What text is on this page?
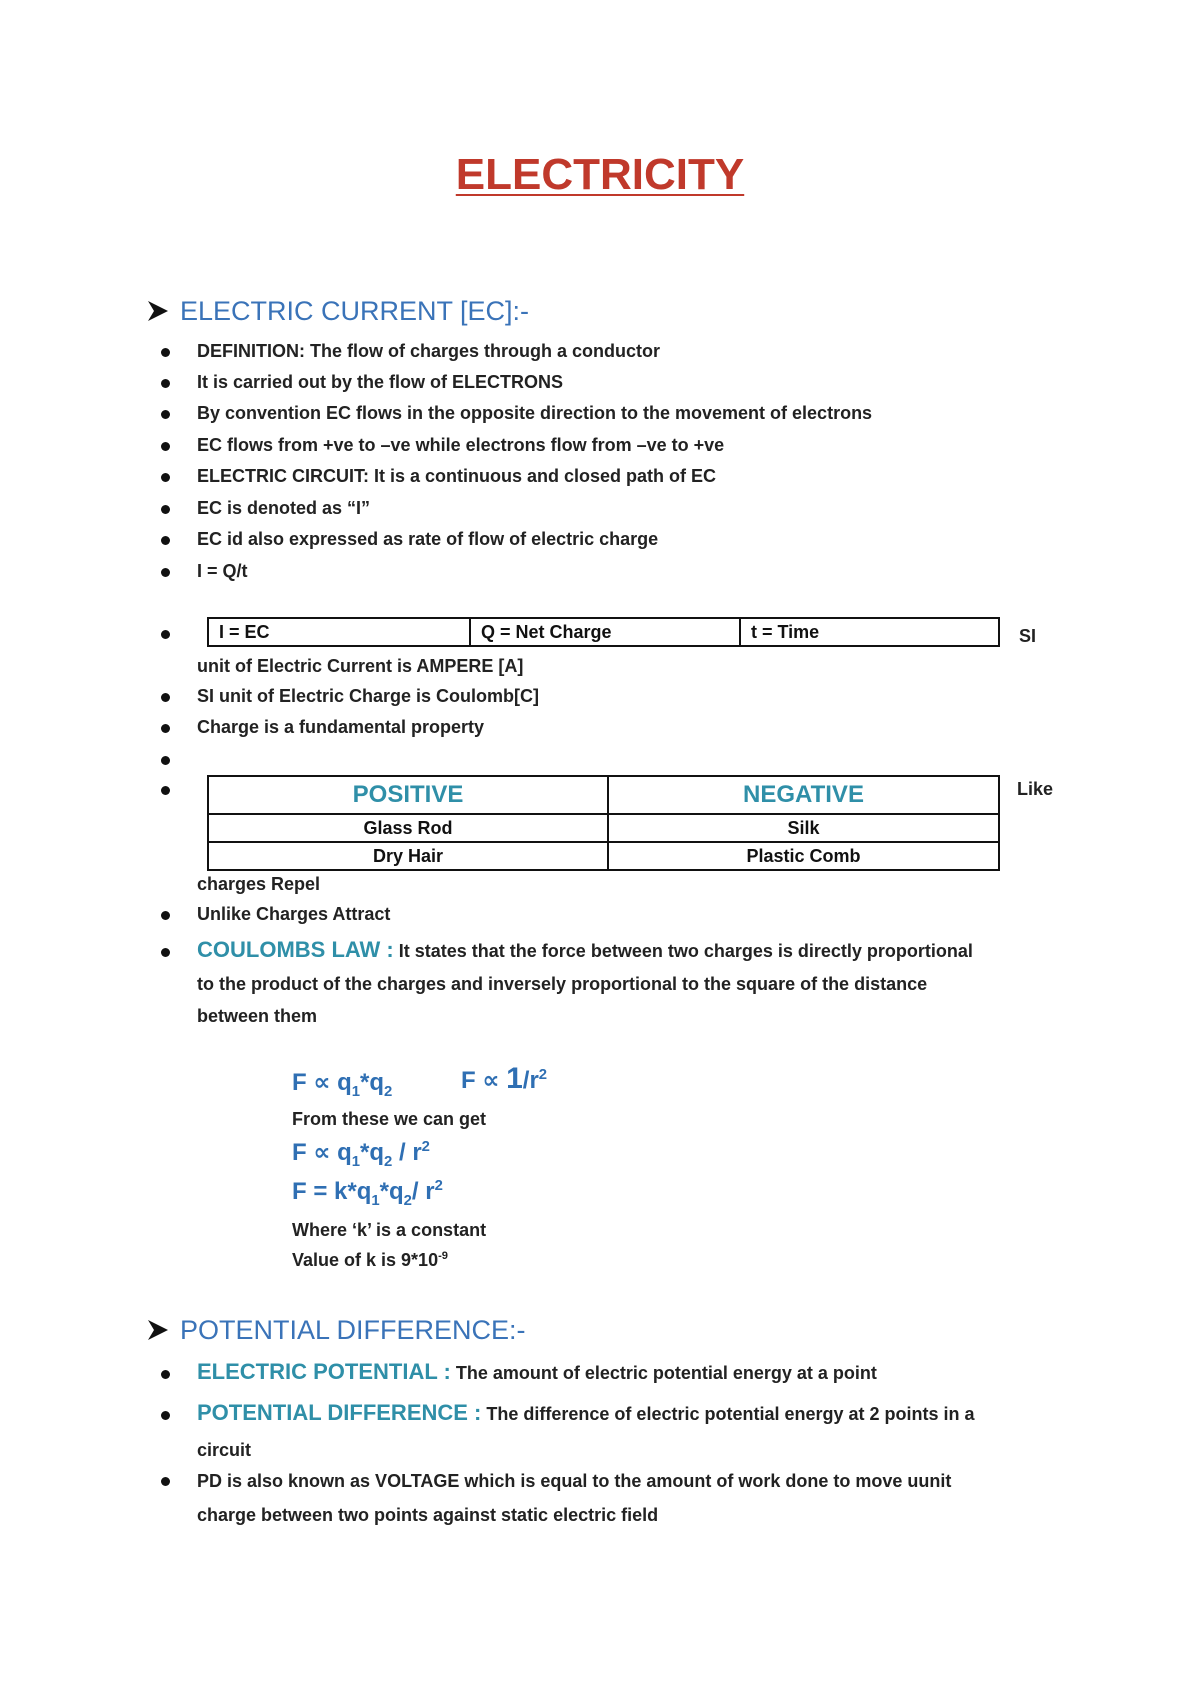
ELECTRICITY
ELECTRIC CURRENT [EC]:-
DEFINITION: The flow of charges through a conductor
It is carried out by the flow of ELECTRONS
By convention EC flows in the opposite direction to the movement of electrons
EC flows from +ve to –ve while electrons flow from –ve to +ve
ELECTRIC CIRCUIT: It is a continuous and closed path of EC
EC is denoted as “I”
EC id also expressed as rate of flow of electric charge
I = Q/t
I = EC	Q = Net Charge	t = Time	SI
unit of Electric Current is AMPERE [A]
SI unit of Electric Charge is Coulomb[C]
Charge is a fundamental property
POSITIVE	NEGATIVE
Glass Rod	Silk
Dry Hair	Plastic Comb
Like
charges Repel
Unlike Charges Attract
COULOMBS LAW : It states that the force between two charges is directly proportional
to the product of the charges and inversely proportional to the square of the distance
between them
$F \propto q_1*q_2$	$F \propto 1/r^2$
From these we can get
$F \propto q_1*q_2 / r^2$
$F = k*q_1*q_2/$ $r^2$
Where ‘k’ is a constant
Value of k is $9*10^{-9}$
POTENTIAL DIFFERENCE:-
ELECTRIC POTENTIAL : The amount of electric potential energy at a point
POTENTIAL DIFFERENCE : The difference of electric potential energy at 2 points in a
circuit
PD is also known as VOLTAGE which is equal to the amount of work done to move uunit
charge between two points against static electric field
